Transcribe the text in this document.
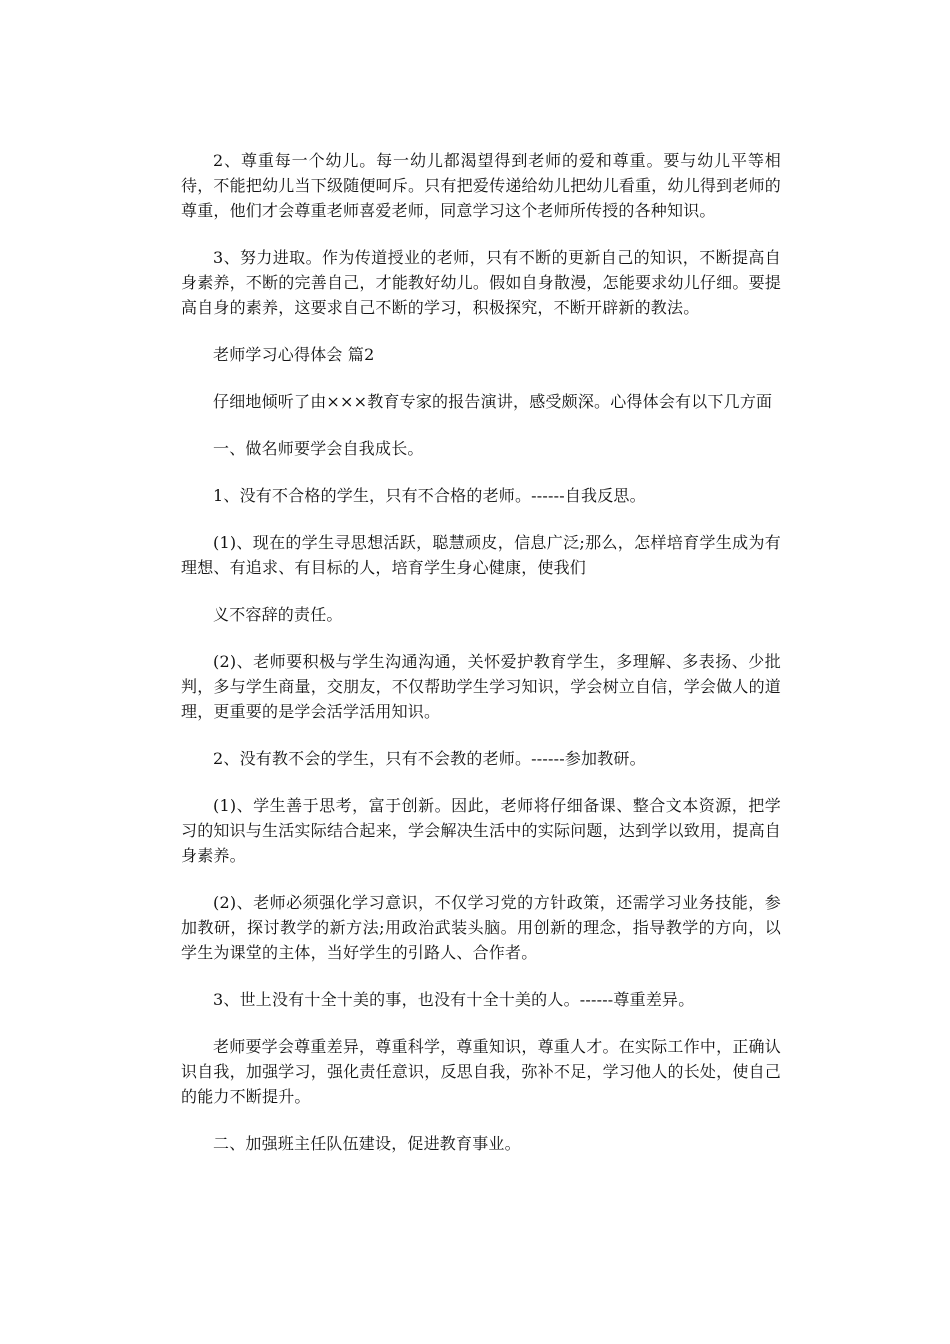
2、尊重每一个幼儿。每一幼儿都渴望得到老师的爱和尊重。要与幼儿平等相待，不能把幼儿当下级随便呵斥。只有把爱传递给幼儿把幼儿看重，幼儿得到老师的尊重，他们才会尊重老师喜爱老师，同意学习这个老师所传授的各种知识。

3、努力进取。作为传道授业的老师，只有不断的更新自己的知识，不断提高自身素养，不断的完善自己，才能教好幼儿。假如自身散漫，怎能要求幼儿仔细。要提高自身的素养，这要求自己不断的学习，积极探究，不断开辟新的教法。

老师学习心得体会 篇2

仔细地倾听了由×××教育专家的报告演讲，感受颇深。心得体会有以下几方面

一、做名师要学会自我成长。

1、没有不合格的学生，只有不合格的老师。------自我反思。

(1)、现在的学生寻思想活跃，聪慧顽皮，信息广泛;那么，怎样培育学生成为有理想、有追求、有目标的人，培育学生身心健康，使我们

义不容辞的责任。

(2)、老师要积极与学生沟通沟通，关怀爱护教育学生，多理解、多表扬、少批判，多与学生商量，交朋友，不仅帮助学生学习知识，学会树立自信，学会做人的道理，更重要的是学会活学活用知识。

2、没有教不会的学生，只有不会教的老师。------参加教研。

(1)、学生善于思考，富于创新。因此，老师将仔细备课、整合文本资源，把学习的知识与生活实际结合起来，学会解决生活中的实际问题，达到学以致用，提高自身素养。

(2)、老师必须强化学习意识，不仅学习党的方针政策，还需学习业务技能，参加教研，探讨教学的新方法;用政治武装头脑。用创新的理念，指导教学的方向，以学生为课堂的主体，当好学生的引路人、合作者。

3、世上没有十全十美的事，也没有十全十美的人。------尊重差异。

老师要学会尊重差异，尊重科学，尊重知识，尊重人才。在实际工作中，正确认识自我，加强学习，强化责任意识，反思自我，弥补不足，学习他人的长处，使自己的能力不断提升。

二、加强班主任队伍建设，促进教育事业。
